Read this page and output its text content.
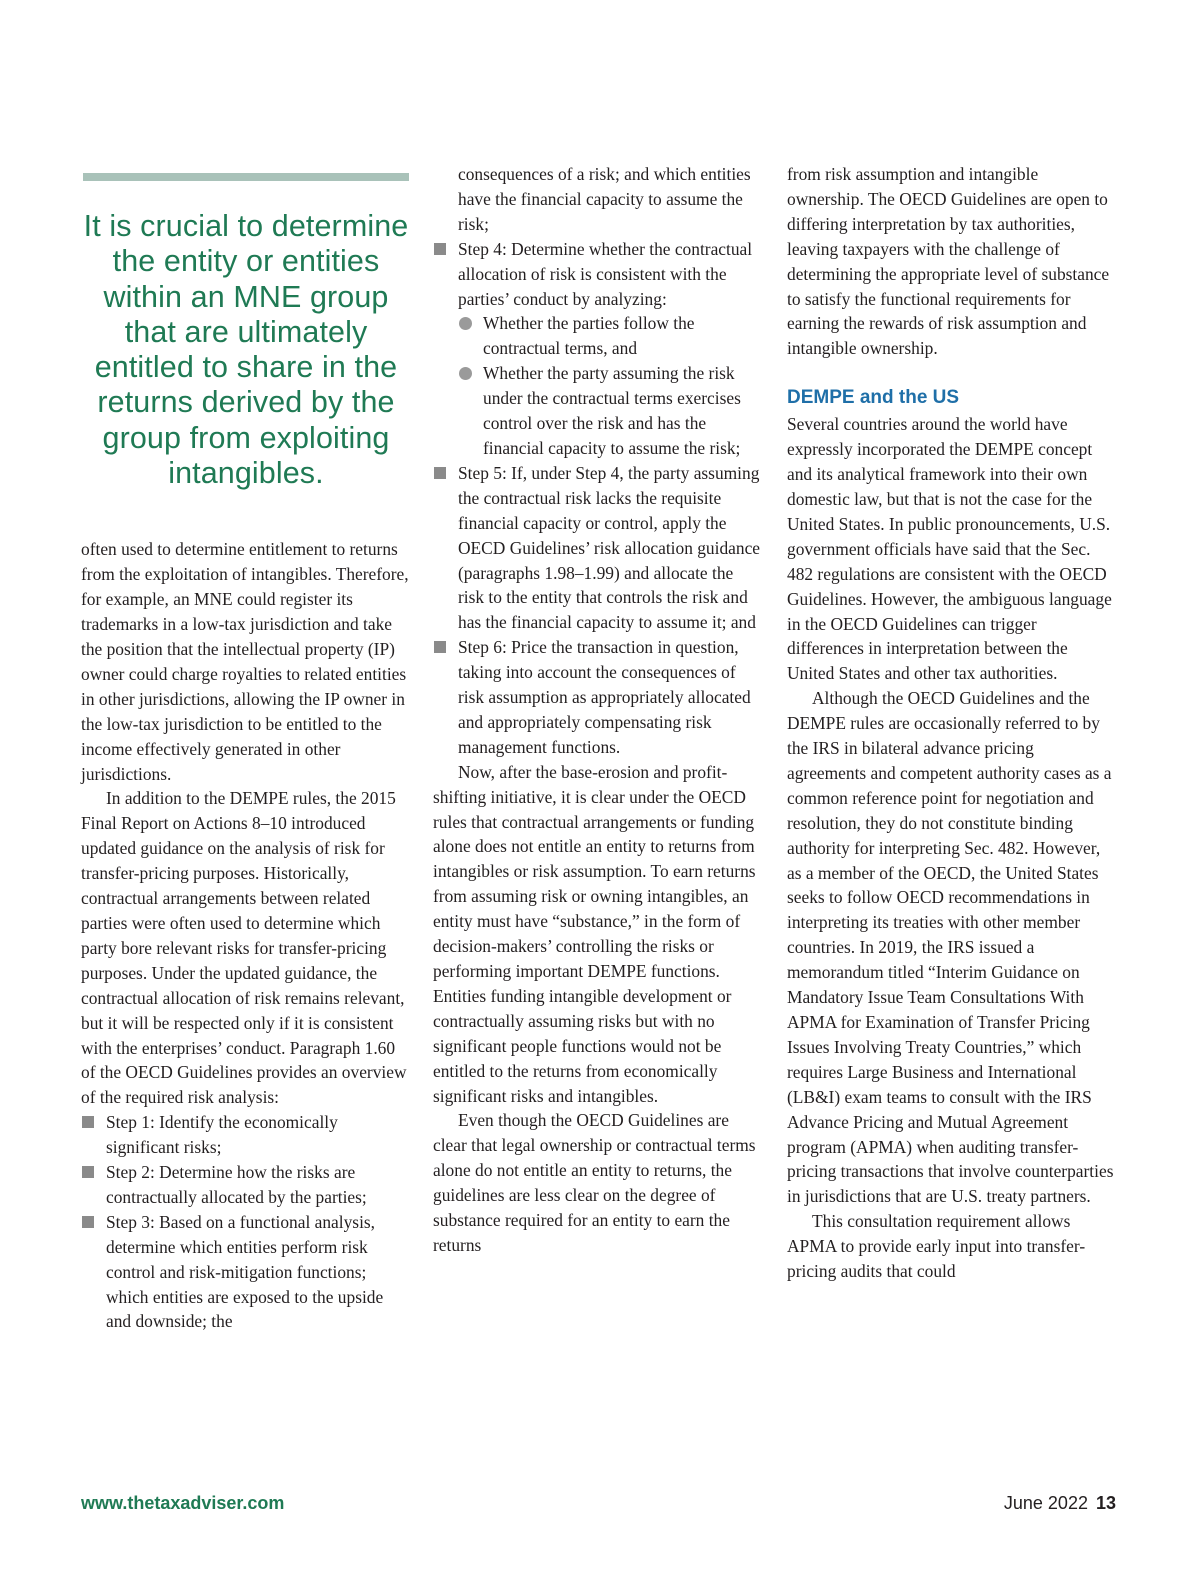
It is crucial to determine the entity or entities within an MNE group that are ultimately entitled to share in the returns derived by the group from exploiting intangibles.

often used to determine entitlement to returns from the exploitation of intangibles. Therefore, for example, an MNE could register its trademarks in a low-tax jurisdiction and take the position that the intellectual property (IP) owner could charge royalties to related entities in other jurisdictions, allowing the IP owner in the low-tax jurisdiction to be entitled to the income effectively generated in other jurisdictions.

In addition to the DEMPE rules, the 2015 Final Report on Actions 8–10 introduced updated guidance on the analysis of risk for transfer-pricing purposes. Historically, contractual arrangements between related parties were often used to determine which party bore relevant risks for transfer-pricing purposes. Under the updated guidance, the contractual allocation of risk remains relevant, but it will be respected only if it is consistent with the enterprises’ conduct. Paragraph 1.60 of the OECD Guidelines provides an overview of the required risk analysis:

Step 1: Identify the economically significant risks;
Step 2: Determine how the risks are contractually allocated by the parties;
Step 3: Based on a functional analysis, determine which entities perform risk control and risk-mitigation functions; which entities are exposed to the upside and downside; the
consequences of a risk; and which entities have the financial capacity to assume the risk;
Step 4: Determine whether the contractual allocation of risk is consistent with the parties’ conduct by analyzing:
Whether the parties follow the contractual terms, and
Whether the party assuming the risk under the contractual terms exercises control over the risk and has the financial capacity to assume the risk;
Step 5: If, under Step 4, the party assuming the contractual risk lacks the requisite financial capacity or control, apply the OECD Guidelines’ risk allocation guidance (paragraphs 1.98–1.99) and allocate the risk to the entity that controls the risk and has the financial capacity to assume it; and
Step 6: Price the transaction in question, taking into account the consequences of risk assumption as appropriately allocated and appropriately compensating risk management functions.

Now, after the base-erosion and profit-shifting initiative, it is clear under the OECD rules that contractual arrangements or funding alone does not entitle an entity to returns from intangibles or risk assumption. To earn returns from assuming risk or owning intangibles, an entity must have “substance,” in the form of decision-makers’ controlling the risks or performing important DEMPE functions. Entities funding intangible development or contractually assuming risks but with no significant people functions would not be entitled to the returns from economically significant risks and intangibles.

Even though the OECD Guidelines are clear that legal ownership or contractual terms alone do not entitle an entity to returns, the guidelines are less clear on the degree of substance required for an entity to earn the returns

from risk assumption and intangible ownership. The OECD Guidelines are open to differing interpretation by tax authorities, leaving taxpayers with the challenge of determining the appropriate level of substance to satisfy the functional requirements for earning the rewards of risk assumption and intangible ownership.

DEMPE and the US

Several countries around the world have expressly incorporated the DEMPE concept and its analytical framework into their own domestic law, but that is not the case for the United States. In public pronouncements, U.S. government officials have said that the Sec. 482 regulations are consistent with the OECD Guidelines. However, the ambiguous language in the OECD Guidelines can trigger differences in interpretation between the United States and other tax authorities.

Although the OECD Guidelines and the DEMPE rules are occasionally referred to by the IRS in bilateral advance pricing agreements and competent authority cases as a common reference point for negotiation and resolution, they do not constitute binding authority for interpreting Sec. 482. However, as a member of the OECD, the United States seeks to follow OECD recommendations in interpreting its treaties with other member countries. In 2019, the IRS issued a memorandum titled “Interim Guidance on Mandatory Issue Team Consultations With APMA for Examination of Transfer Pricing Issues Involving Treaty Countries,” which requires Large Business and International (LB&I) exam teams to consult with the IRS Advance Pricing and Mutual Agreement program (APMA) when auditing transfer-pricing transactions that involve counterparties in jurisdictions that are U.S. treaty partners.

This consultation requirement allows APMA to provide early input into transfer-pricing audits that could

www.thetaxadviser.com	June 2022 13
